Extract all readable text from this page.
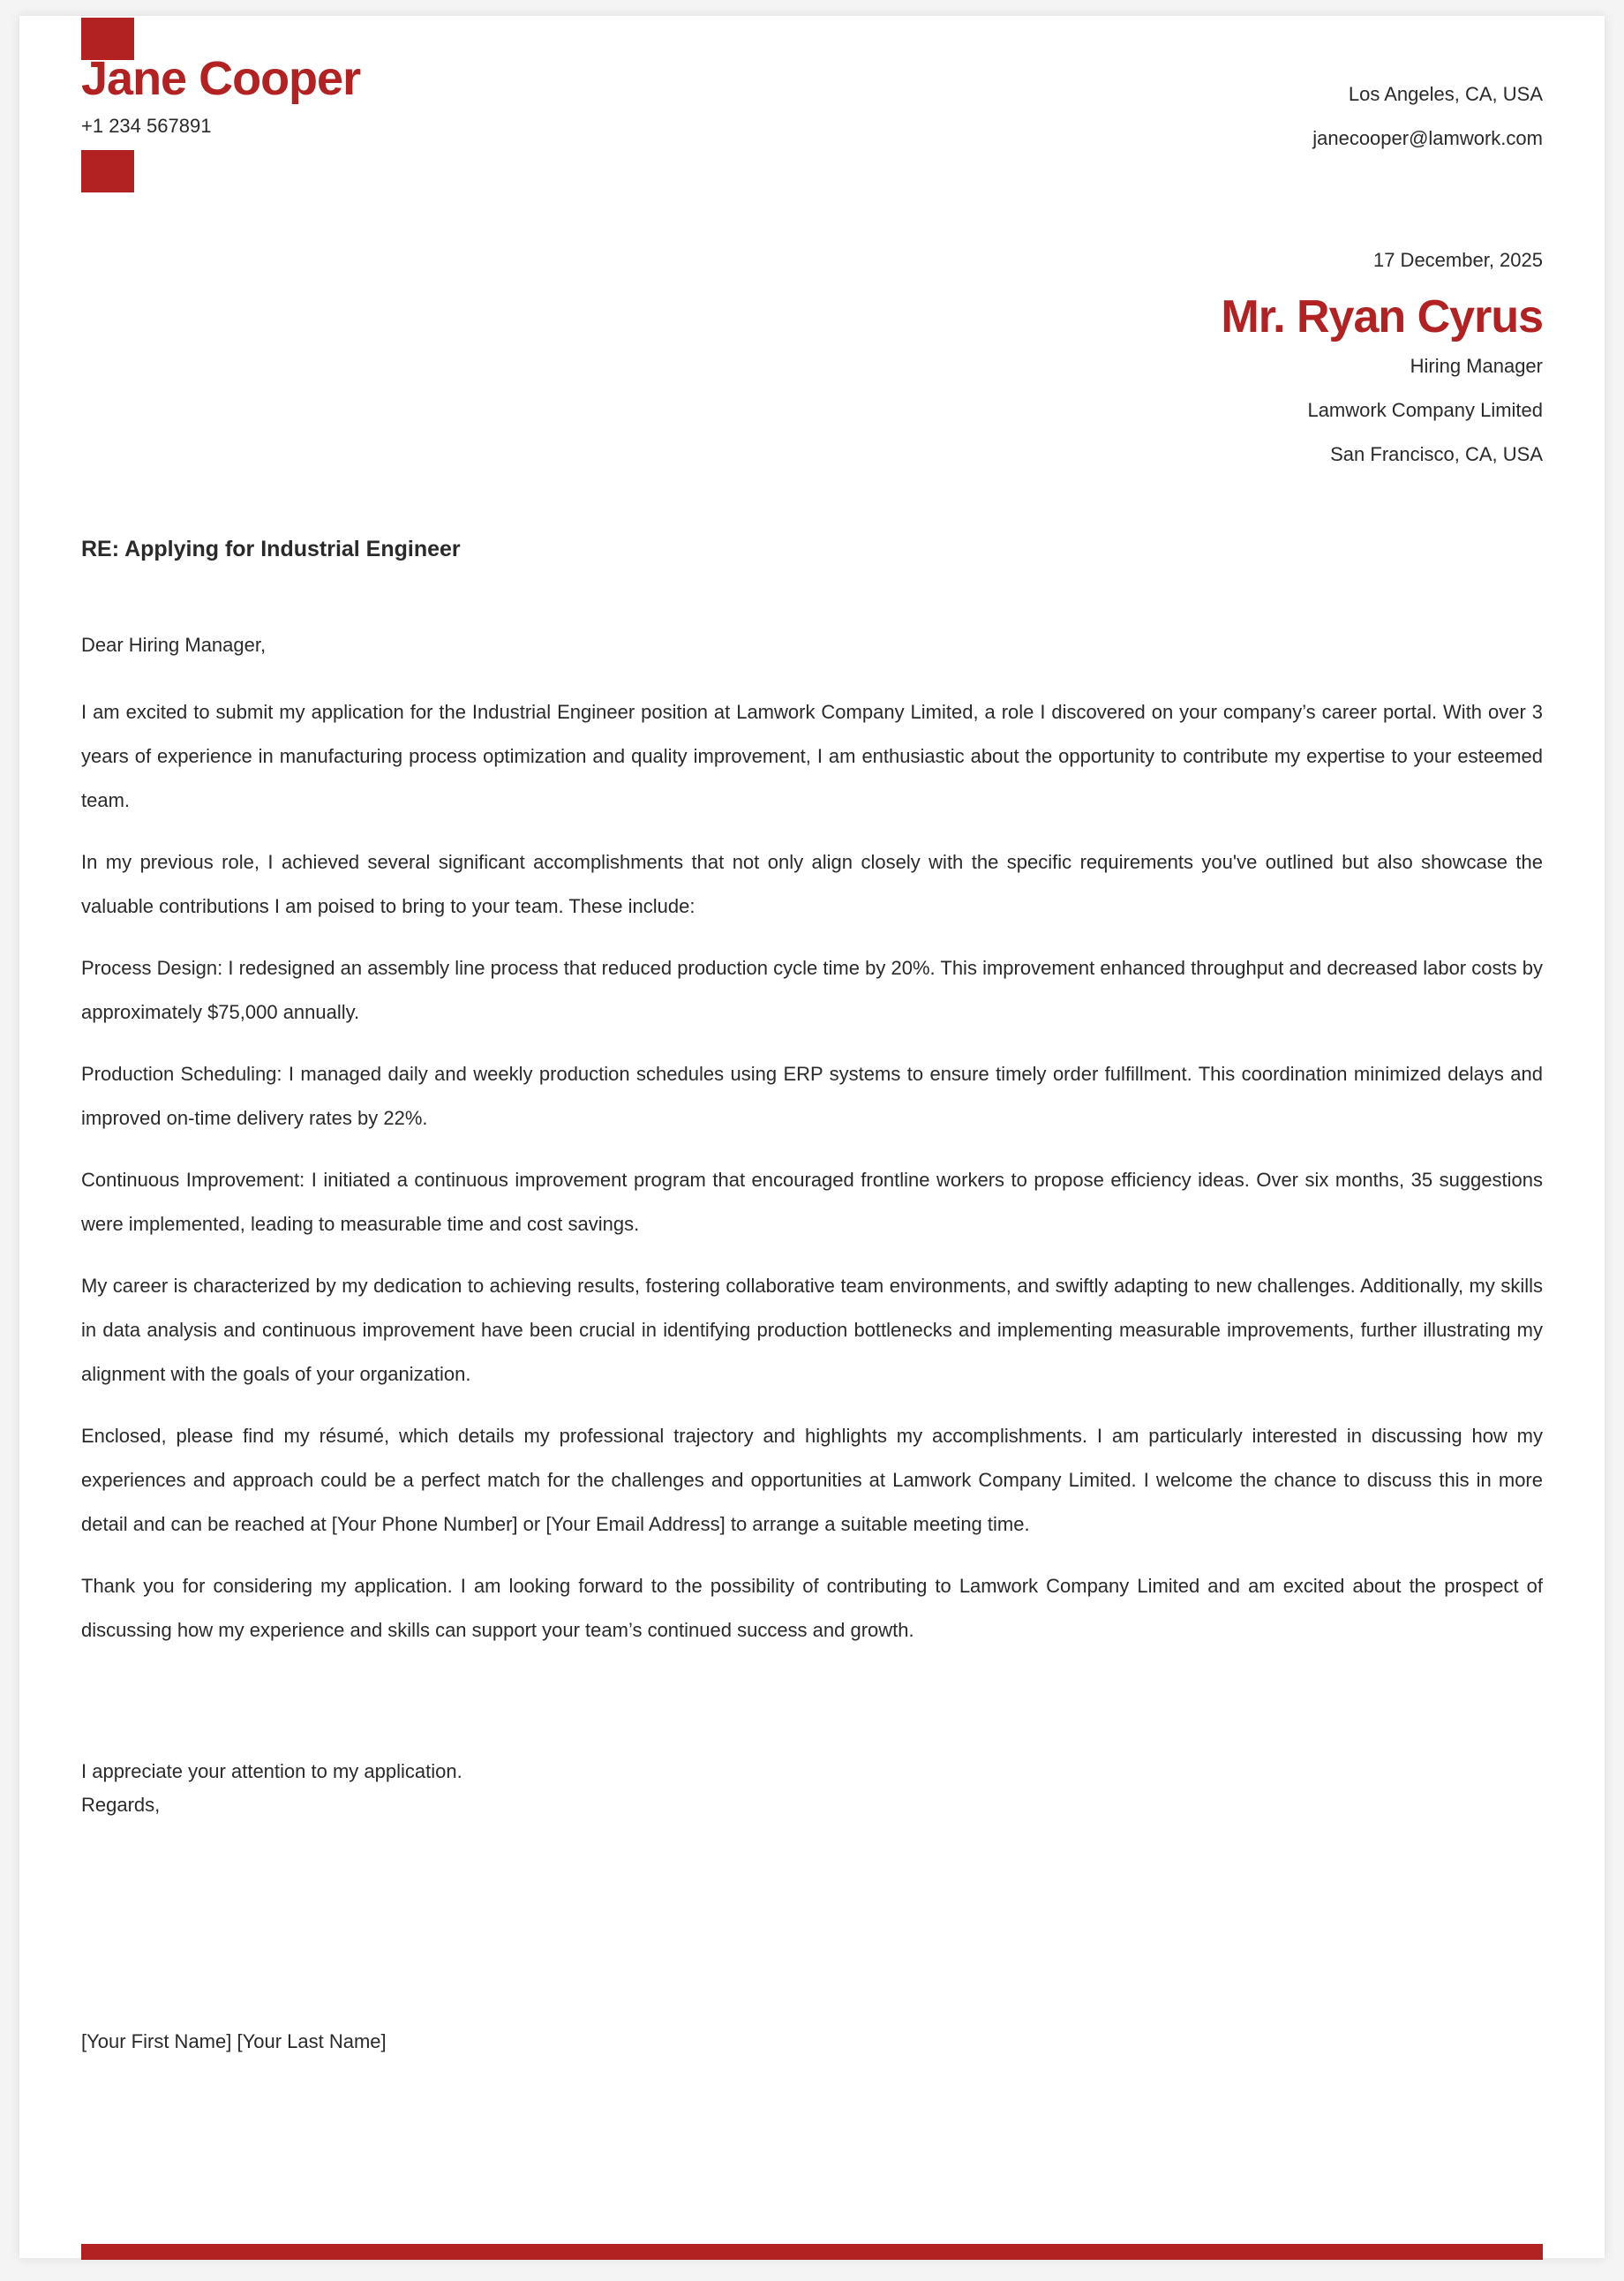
Jane Cooper
+1 234 567891
Los Angeles, CA, USA
janecooper@lamwork.com
17 December, 2025
Mr. Ryan Cyrus
Hiring Manager
Lamwork Company Limited
San Francisco, CA, USA
RE: Applying for Industrial Engineer
Dear Hiring Manager,

I am excited to submit my application for the Industrial Engineer position at Lamwork Company Limited, a role I discovered on your company’s career portal. With over 3 years of experience in manufacturing process optimization and quality improvement, I am enthusiastic about the opportunity to contribute my expertise to your esteemed team.

In my previous role, I achieved several significant accomplishments that not only align closely with the specific requirements you've outlined but also showcase the valuable contributions I am poised to bring to your team. These include:

Process Design: I redesigned an assembly line process that reduced production cycle time by 20%. This improvement enhanced throughput and decreased labor costs by approximately $75,000 annually.

Production Scheduling: I managed daily and weekly production schedules using ERP systems to ensure timely order fulfillment. This coordination minimized delays and improved on-time delivery rates by 22%.

Continuous Improvement: I initiated a continuous improvement program that encouraged frontline workers to propose efficiency ideas. Over six months, 35 suggestions were implemented, leading to measurable time and cost savings.

My career is characterized by my dedication to achieving results, fostering collaborative team environments, and swiftly adapting to new challenges. Additionally, my skills in data analysis and continuous improvement have been crucial in identifying production bottlenecks and implementing measurable improvements, further illustrating my alignment with the goals of your organization.

Enclosed, please find my résumé, which details my professional trajectory and highlights my accomplishments. I am particularly interested in discussing how my experiences and approach could be a perfect match for the challenges and opportunities at Lamwork Company Limited. I welcome the chance to discuss this in more detail and can be reached at [Your Phone Number] or [Your Email Address] to arrange a suitable meeting time.

Thank you for considering my application. I am looking forward to the possibility of contributing to Lamwork Company Limited and am excited about the prospect of discussing how my experience and skills can support your team’s continued success and growth.

I appreciate your attention to my application.
Regards,
[Your First Name] [Your Last Name]
